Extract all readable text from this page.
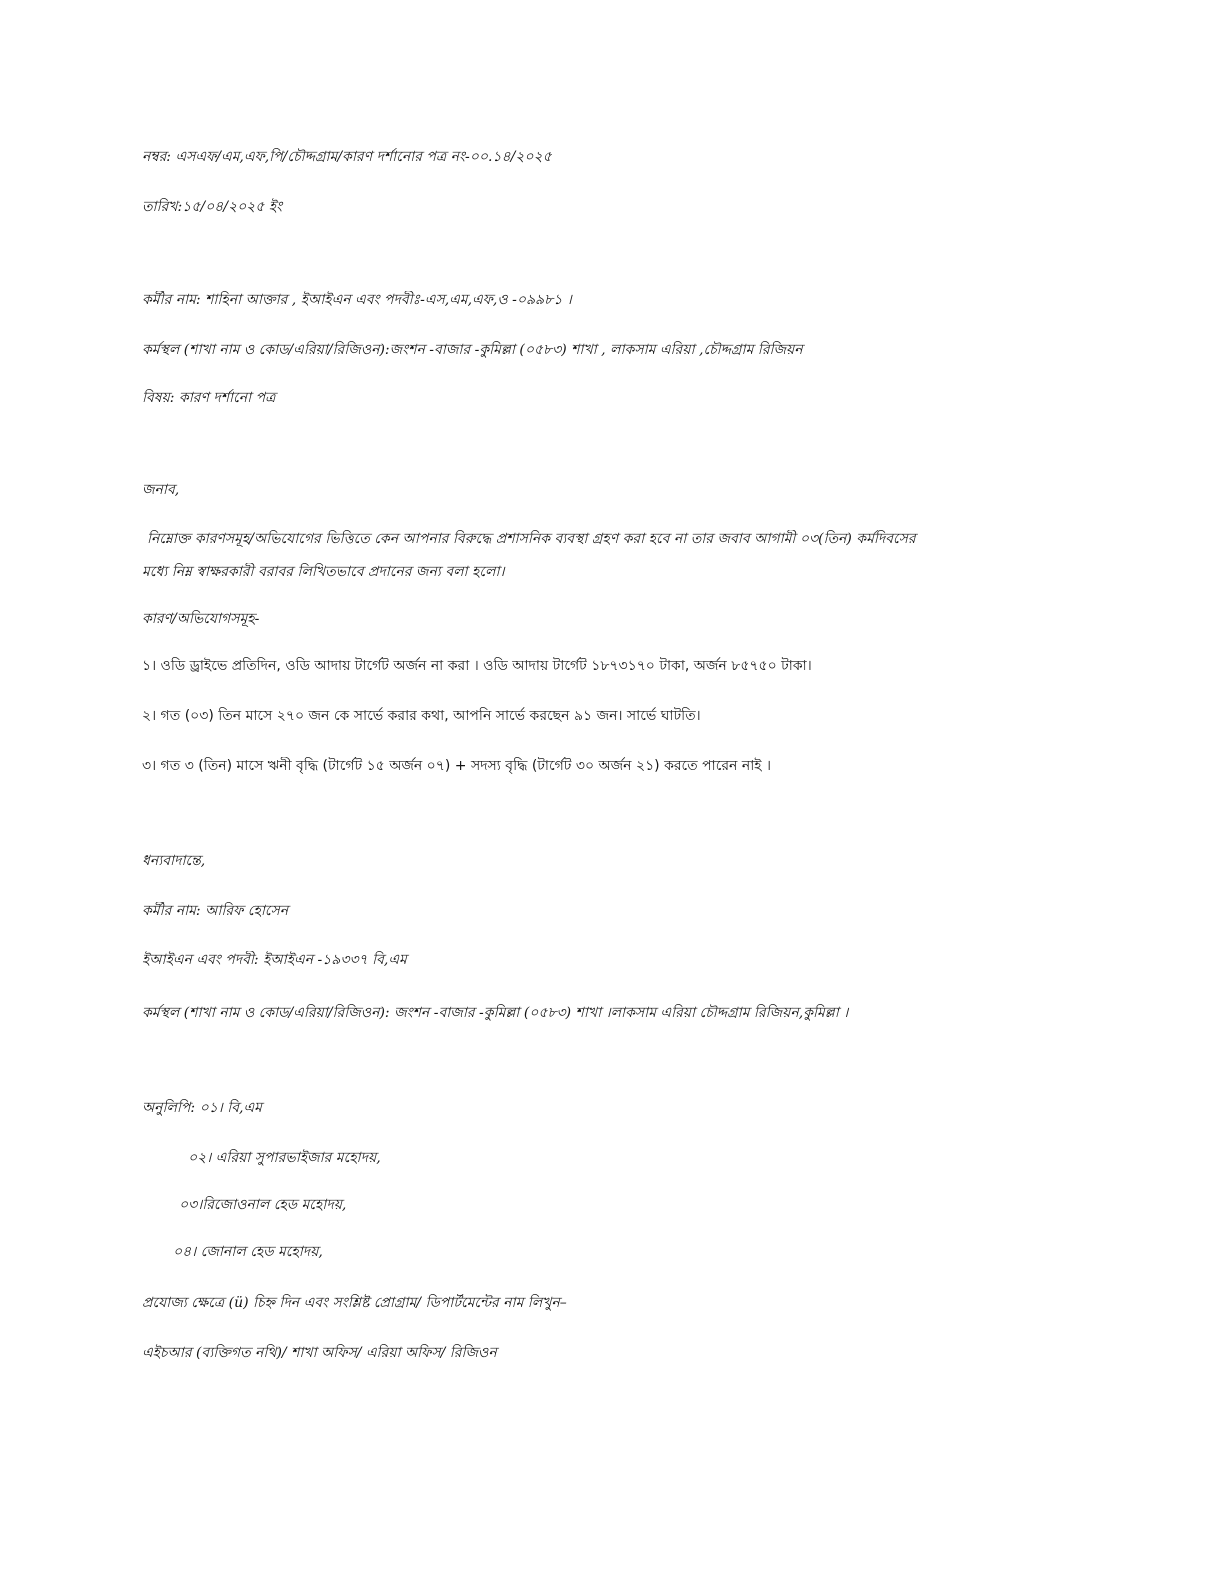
নম্বর: এসএফ/এম,এফ,পি/চৌদ্দগ্রাম/কারণ দর্শানোর পত্র নং-০০.১৪/২০২৫
তারিখ:১৫/০৪/২০২৫ ইং
কর্মীর নাম: শাহিনা আক্তার , ইআইএন এবং পদবীঃ-এস,এম,এফ,ও -০৯৯৮১ ।
কর্মস্থল (শাখা নাম ও কোড/এরিয়া/রিজিওন):জংশন -বাজার -কুমিল্লা (০৫৮৩) শাখা , লাকসাম এরিয়া ,চৌদ্দগ্রাম রিজিয়ন
বিষয়: কারণ দর্শানো পত্র
জনাব,
নিম্নোক্ত কারণসমূহ/অভিযোগের ভিত্তিতে কেন আপনার বিরুদ্ধে প্রশাসনিক ব্যবস্থা গ্রহণ করা হবে না তার জবাব আগামী ০৩(তিন) কর্মদিবসের
মধ্যে নিম্ন স্বাক্ষরকারী বরাবর লিখিতভাবে প্রদানের জন্য বলা হলো।
কারণ/অভিযোগসমূহ-
১। ওডি ড্রাইভে প্রতিদিন, ওডি আদায় টার্গেট অর্জন না করা । ওডি আদায় টার্গেট ১৮৭৩১৭০ টাকা, অর্জন ৮৫৭৫০ টাকা।
২। গত (০৩) তিন মাসে ২৭০ জন কে সার্ভে করার কথা, আপনি সার্ভে করছেন ৯১ জন। সার্ভে ঘাটতি।
৩। গত ৩ (তিন) মাসে ঋনী বৃদ্ধি (টার্গেট ১৫ অর্জন ০৭) + সদস্য বৃদ্ধি (টার্গেট ৩০ অর্জন ২১) করতে পারেন নাই ।
ধন্যবাদান্তে,
কর্মীর নাম: আরিফ হোসেন
ইআইএন এবং পদবী: ইআইএন -১৯৩৩৭ বি,এম
কর্মস্থল (শাখা নাম ও কোড/এরিয়া/রিজিওন): জংশন -বাজার -কুমিল্লা (০৫৮৩) শাখা ।লাকসাম এরিয়া চৌদ্দগ্রাম রিজিয়ন,কুমিল্লা ।
অনুলিপি: ০১। বি,এম
০২। এরিয়া সুপারভাইজার মহোদয়,
০৩।রিজোওনাল হেড মহোদয়,
০৪। জোনাল হেড মহোদয়,
প্রযোজ্য ক্ষেত্রে (ü) চিহ্ন দিন এবং সংশ্লিষ্ট প্রোগ্রাম/ ডিপার্টমেন্টের নাম লিখুন–
এইচআর (ব্যক্তিগত নথি)/ শাখা অফিস/ এরিয়া অফিস/ রিজিওন
